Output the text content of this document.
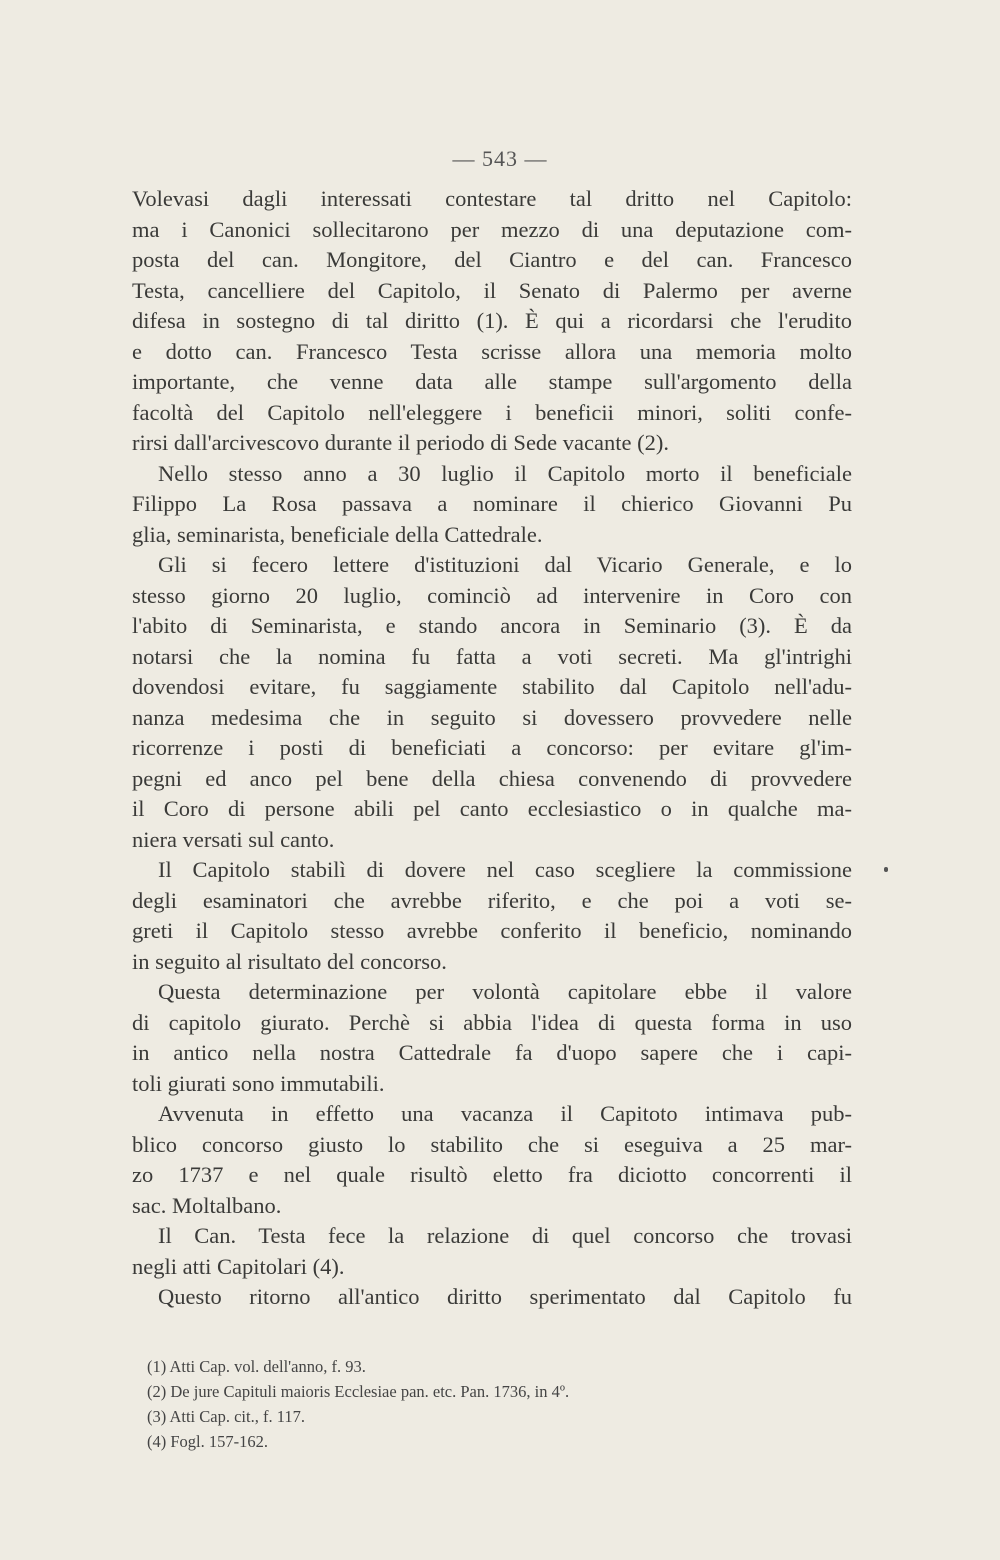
— 543 —
Volevasi dagli interessati contestare tal dritto nel Capitolo:
ma i Canonici sollecitarono per mezzo di una deputazione com-
posta del can. Mongitore, del Ciantro e del can. Francesco
Testa, cancelliere del Capitolo, il Senato di Palermo per averne
difesa in sostegno di tal diritto (1). È qui a ricordarsi che l'erudito
e dotto can. Francesco Testa scrisse allora una memoria molto
importante, che venne data alle stampe sull'argomento della
facoltà del Capitolo nell'eleggere i beneficii minori, soliti confe-
rirsi dall'arcivescovo durante il periodo di Sede vacante (2).
Nello stesso anno a 30 luglio il Capitolo morto il beneficiale
Filippo La Rosa passava a nominare il chierico Giovanni Pu
glia, seminarista, beneficiale della Cattedrale.
Gli si fecero lettere d'istituzioni dal Vicario Generale, e lo
stesso giorno 20 luglio, cominciò ad intervenire in Coro con
l'abito di Seminarista, e stando ancora in Seminario (3). È da
notarsi che la nomina fu fatta a voti secreti. Ma gl'intrighi
dovendosi evitare, fu saggiamente stabilito dal Capitolo nell'adu-
nanza medesima che in seguito si dovessero provvedere nelle
ricorrenze i posti di beneficiati a concorso: per evitare gl'im-
pegni ed anco pel bene della chiesa convenendo di provvedere
il Coro di persone abili pel canto ecclesiastico o in qualche ma-
niera versati sul canto.
Il Capitolo stabilì di dovere nel caso scegliere la commissione
degli esaminatori che avrebbe riferito, e che poi a voti se-
greti il Capitolo stesso avrebbe conferito il beneficio, nominando
in seguito al risultato del concorso.
Questa determinazione per volontà capitolare ebbe il valore
di capitolo giurato. Perchè si abbia l'idea di questa forma in uso
in antico nella nostra Cattedrale fa d'uopo sapere che i capi-
toli giurati sono immutabili.
Avvenuta in effetto una vacanza il Capitoto intimava pub-
blico concorso giusto lo stabilito che si eseguiva a 25 mar-
zo 1737 e nel quale risultò eletto fra diciotto concorrenti il
sac. Moltalbano.
Il Can. Testa fece la relazione di quel concorso che trovasi
negli atti Capitolari (4).
Questo ritorno all'antico diritto sperimentato dal Capitolo fu
(1) Atti Cap. vol. dell'anno, f. 93.
(2) De jure Capituli maioris Ecclesiae pan. etc. Pan. 1736, in 4º.
(3) Atti Cap. cit., f. 117.
(4) Fogl. 157-162.
